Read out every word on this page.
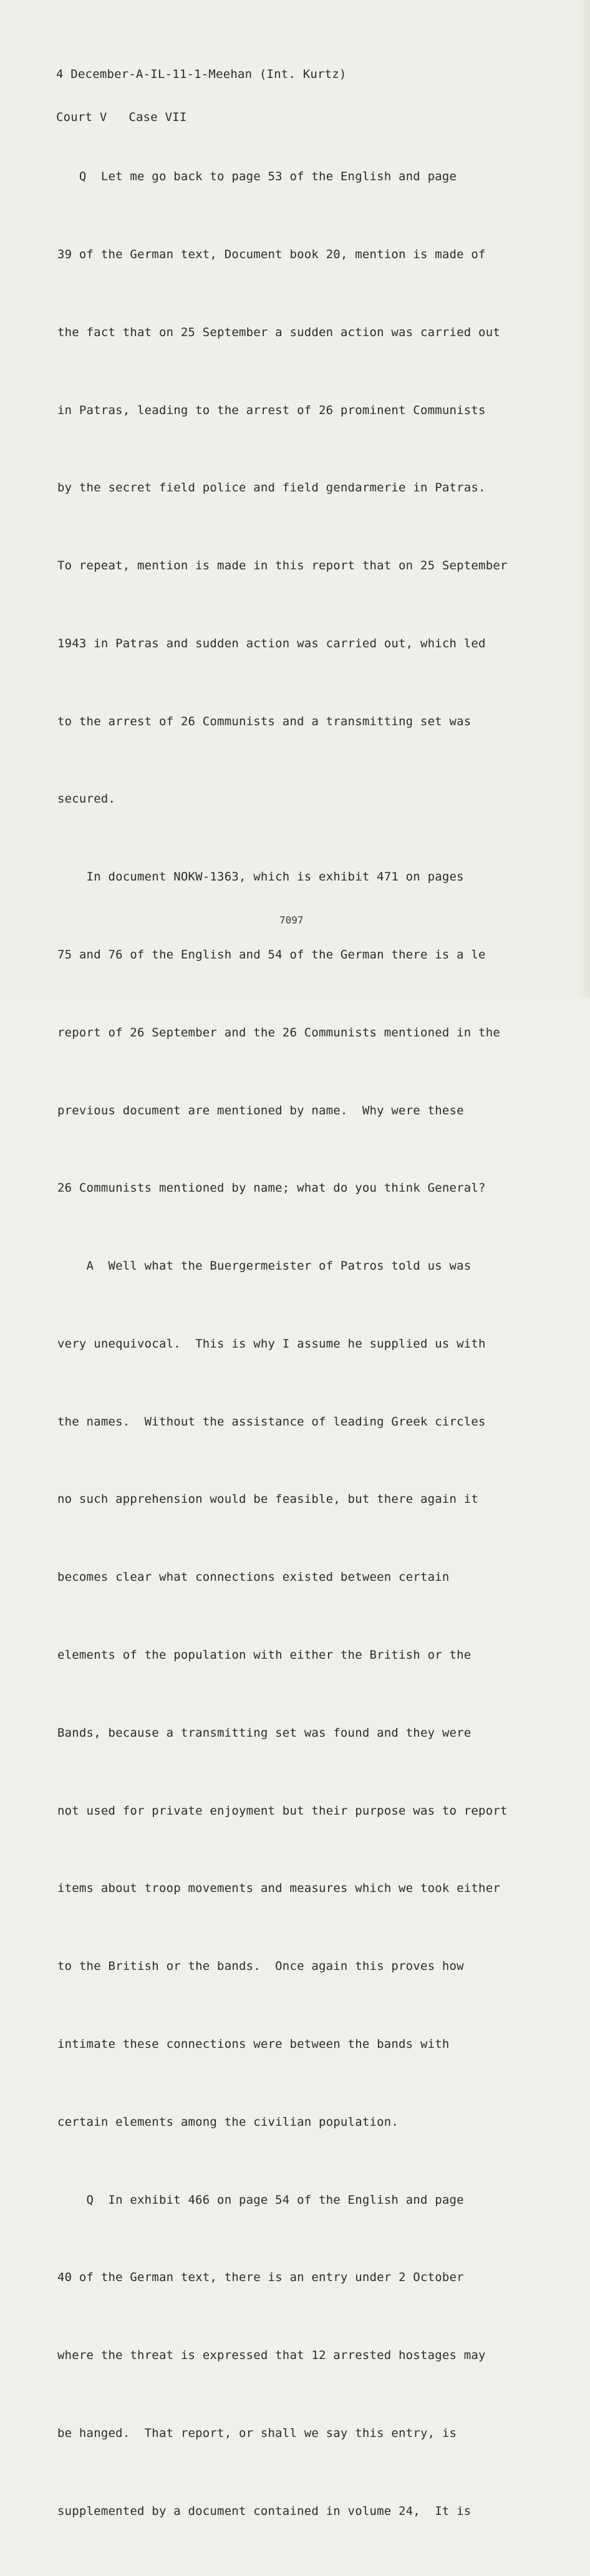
4 December-A-IL-11-1-Meehan (Int. Kurtz)

Court V   Case VII

Q  Let me go back to page 53 of the English and page

39 of the German text, Document book 20, mention is made of

the fact that on 25 September a sudden action was carried out

in Patras, leading to the arrest of 26 prominent Communists

by the secret field police and field gendarmerie in Patras.

To repeat, mention is made in this report that on 25 September

1943 in Patras and sudden action was carried out, which led

to the arrest of 26 Communists and a transmitting set was

secured.

In document NOKW-1363, which is exhibit 471 on pages

75 and 76 of the English and 54 of the German there is a le

report of 26 September and the 26 Communists mentioned in the

previous document are mentioned by name.  Why were these

26 Communists mentioned by name; what do you think General?

A  Well what the Buergermeister of Patros told us was

very unequivocal.  This is why I assume he supplied us with

the names.  Without the assistance of leading Greek circles

no such apprehension would be feasible, but there again it

becomes clear what connections existed between certain

elements of the population with either the British or the

Bands, because a transmitting set was found and they were

not used for private enjoyment but their purpose was to report

items about troop movements and measures which we took either

to the British or the bands.  Once again this proves how

intimate these connections were between the bands with

certain elements among the civilian population.

Q  In exhibit 466 on page 54 of the English and page

40 of the German text, there is an entry under 2 October

where the threat is expressed that 12 arrested hostages may

be hanged.  That report, or shall we say this entry, is

supplemented by a document contained in volume 24,  It is

7097
